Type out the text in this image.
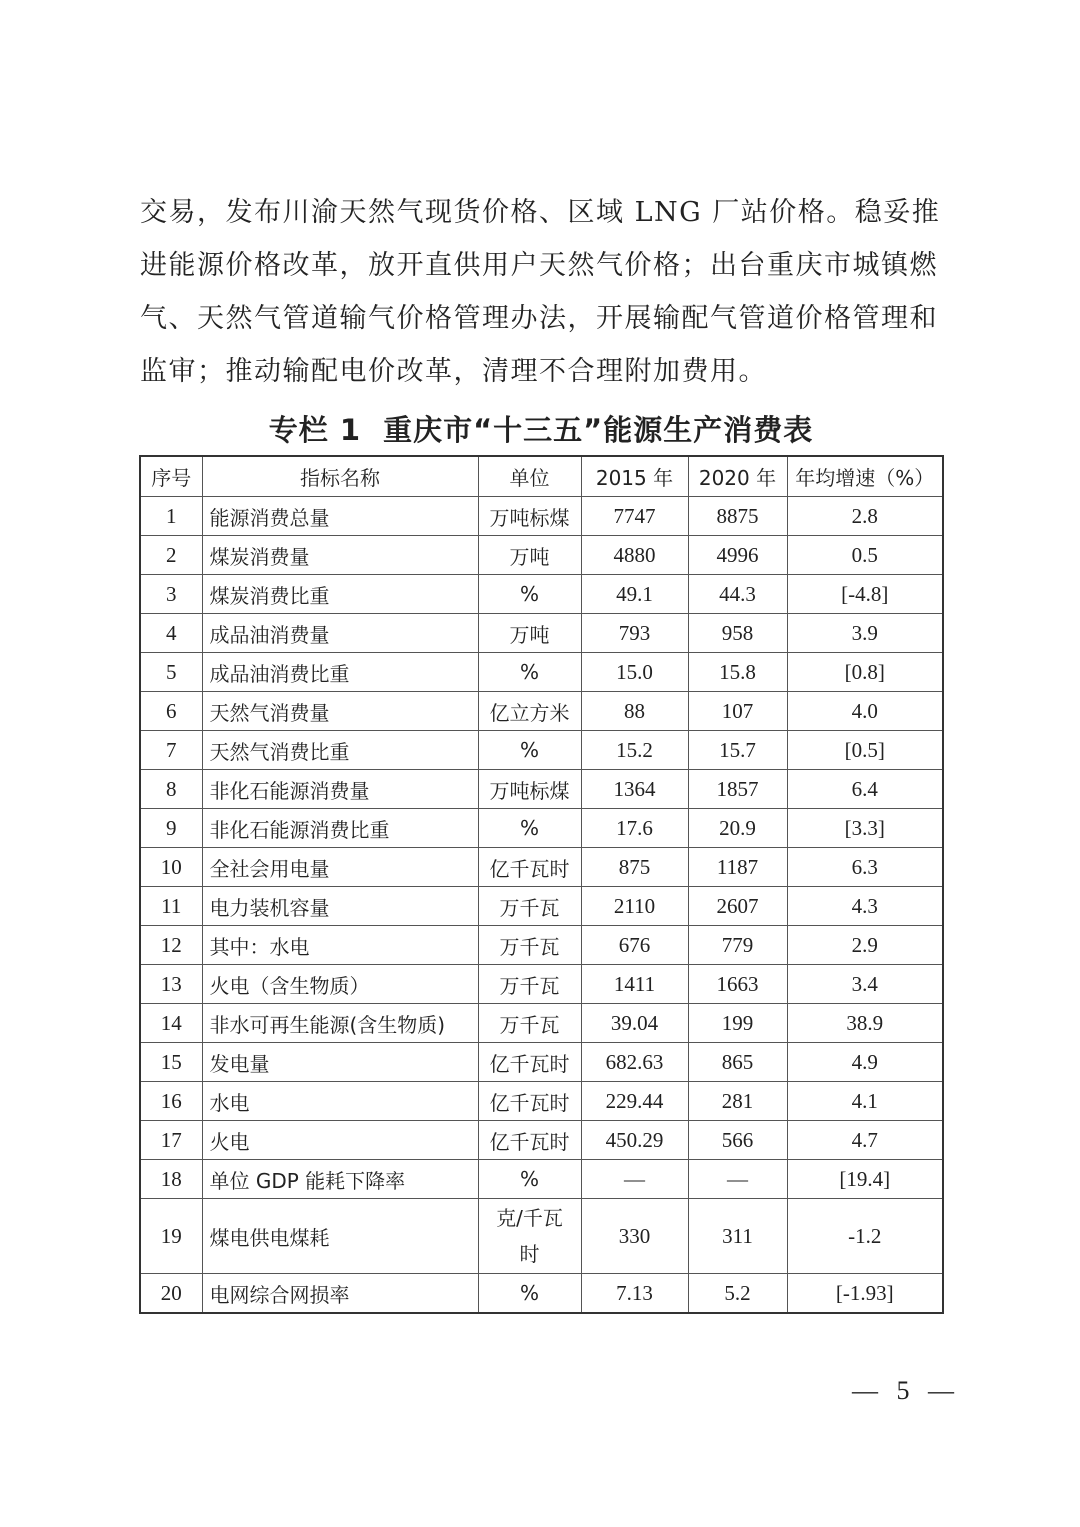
交易，发布川渝天然气现货价格、区域 LNG 厂站价格。稳妥推
进能源价格改革，放开直供用户天然气价格；出台重庆市城镇燃
气、天然气管道输气价格管理办法，开展输配气管道价格管理和
监审；推动输配电价改革，清理不合理附加费用。
专栏 1 重庆市“十三五”能源生产消费表
序号	指标名称	单位	2015 年	2020 年	年均增速（%）
1	能源消费总量	万吨标煤	7747	8875	2.8
2	煤炭消费量	万吨	4880	4996	0.5
3	煤炭消费比重	%	49.1	44.3	[-4.8]
4	成品油消费量	万吨	793	958	3.9
5	成品油消费比重	%	15.0	15.8	[0.8]
6	天然气消费量	亿立方米	88	107	4.0
7	天然气消费比重	%	15.2	15.7	[0.5]
8	非化石能源消费量	万吨标煤	1364	1857	6.4
9	非化石能源消费比重	%	17.6	20.9	[3.3]
10	全社会用电量	亿千瓦时	875	1187	6.3
11	电力装机容量	万千瓦	2110	2607	4.3
12	其中：水电	万千瓦	676	779	2.9
13	火电（含生物质）	万千瓦	1411	1663	3.4
14	非水可再生能源(含生物质)	万千瓦	39.04	199	38.9
15	发电量	亿千瓦时	682.63	865	4.9
16	水电	亿千瓦时	229.44	281	4.1
17	火电	亿千瓦时	450.29	566	4.7
18	单位 GDP 能耗下降率	%	—	—	[19.4]
19	煤电供电煤耗	克/千瓦时	330	311	-1.2
20	电网综合网损率	%	7.13	5.2	[-1.93]
— 5 —
